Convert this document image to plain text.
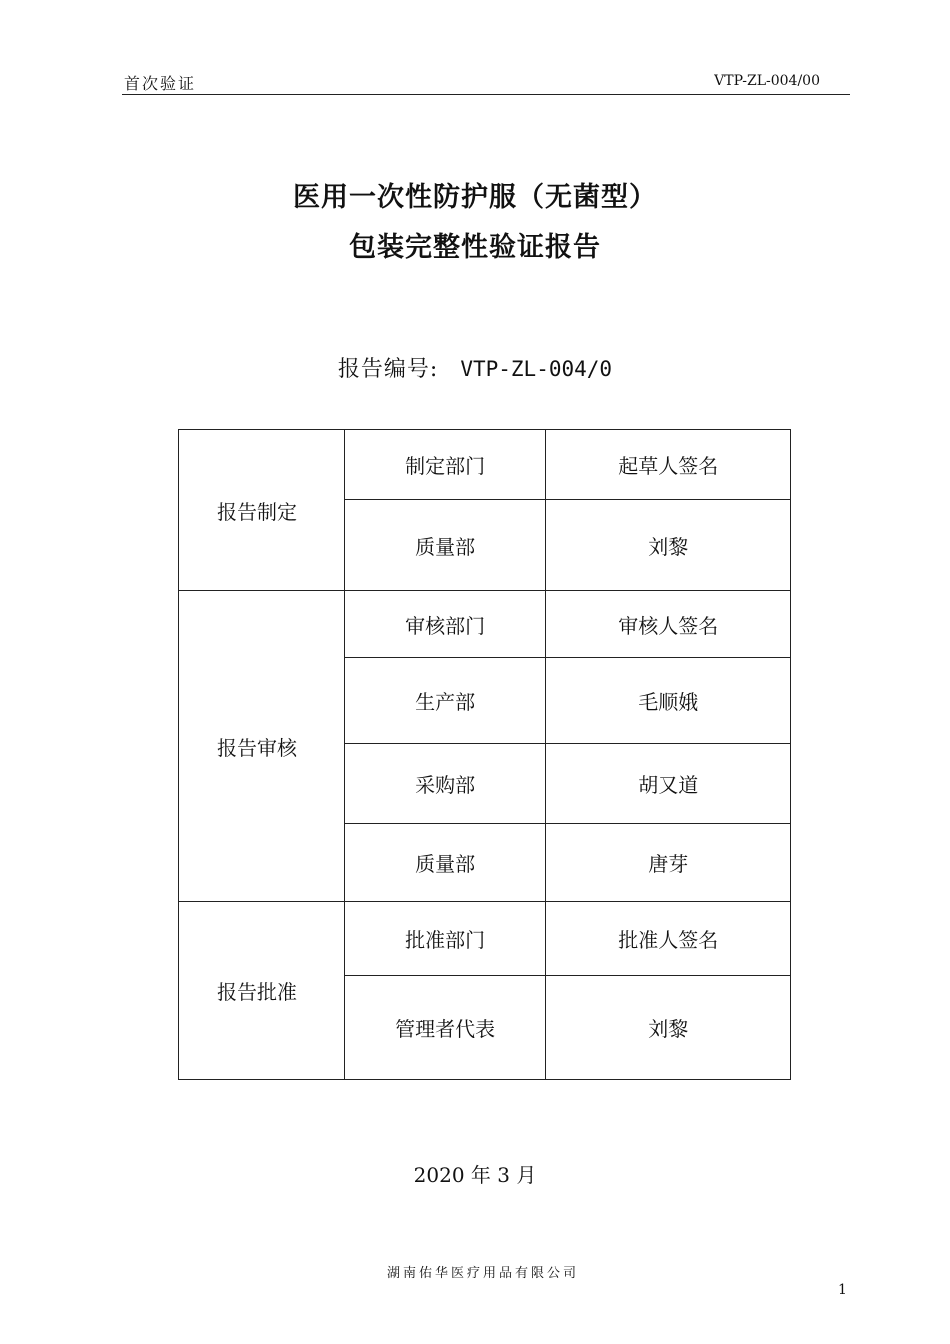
首次验证	VTP-ZL-004/00
医用一次性防护服（无菌型）
包装完整性验证报告
报告编号: VTP-ZL-004/0
报告制定	制定部门	起草人签名
	质量部	刘黎
报告审核	审核部门	审核人签名
	生产部	毛顺娥
	采购部	胡又道
	质量部	唐芽
报告批准	批准部门	批准人签名
	管理者代表	刘黎
2020 年 3 月
湖南佑华医疗用品有限公司
1
